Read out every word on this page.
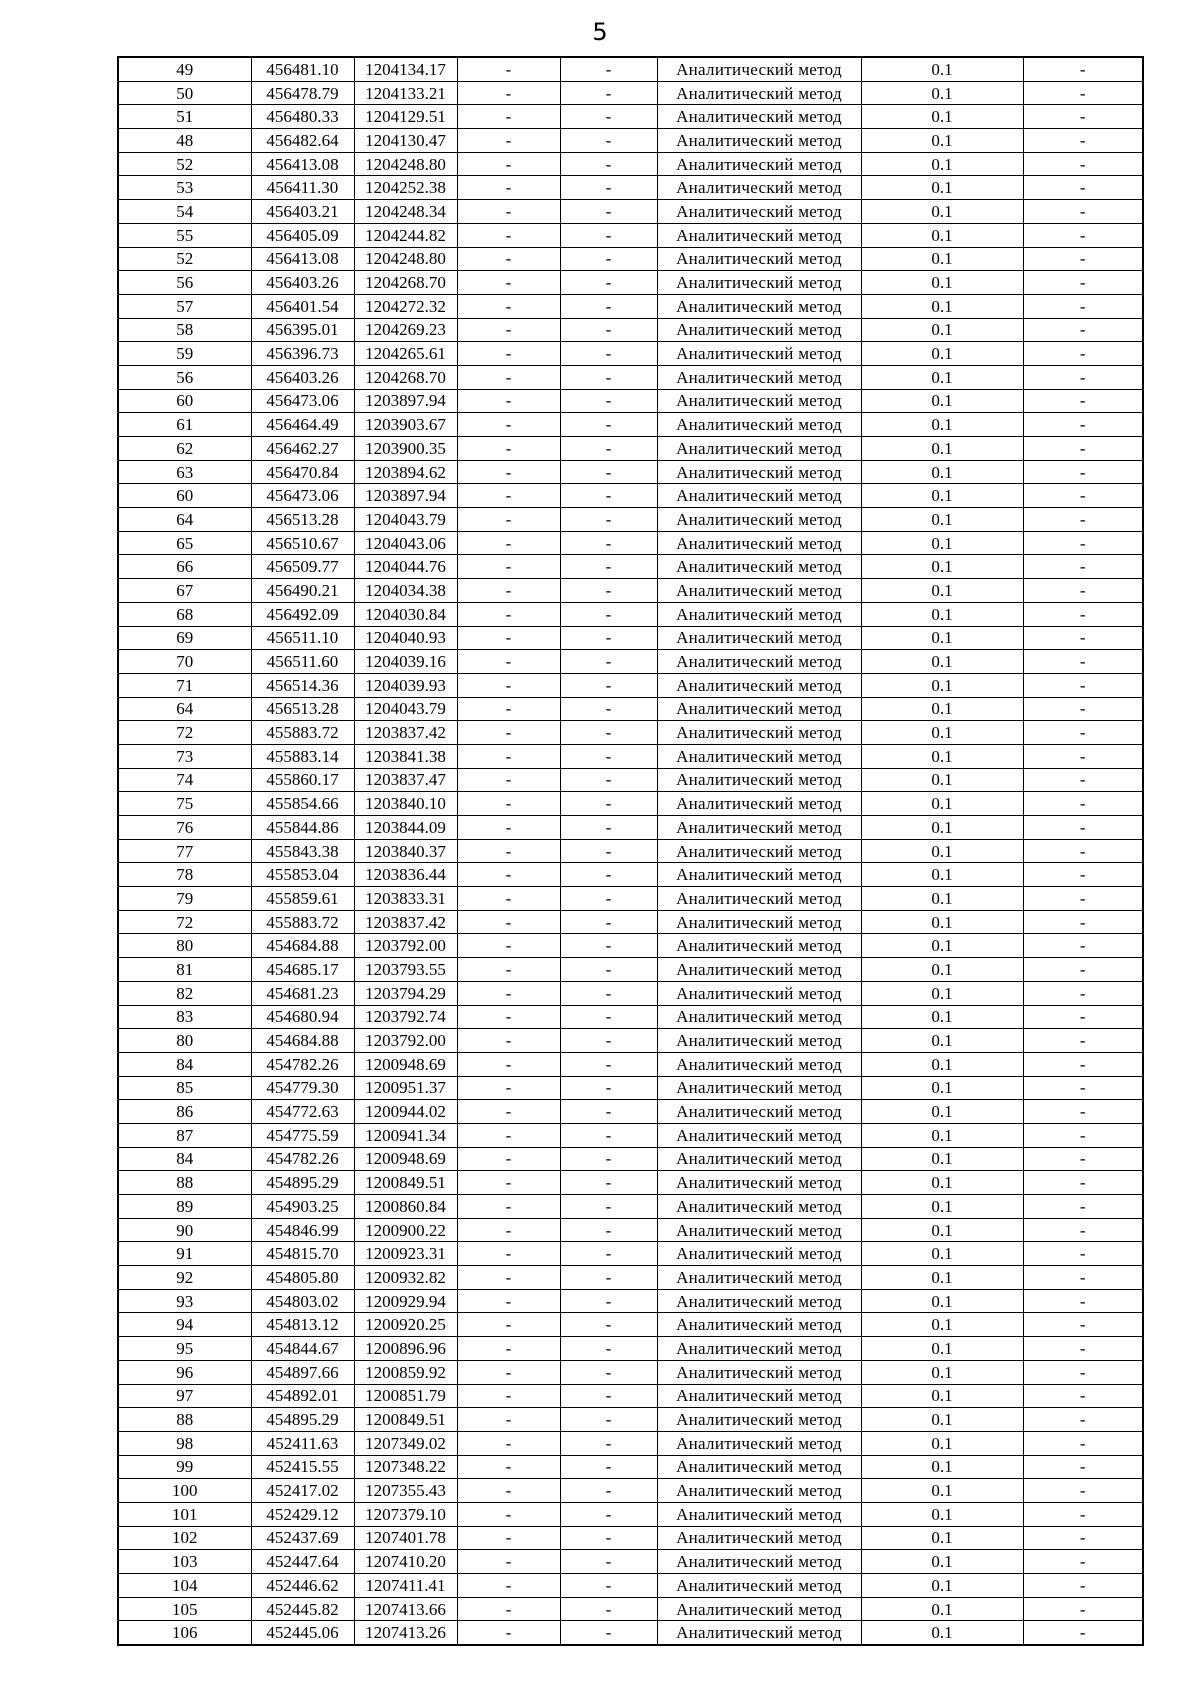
5
49	456481.10	1204134.17	-	-	Аналитический метод	0.1	-
50	456478.79	1204133.21	-	-	Аналитический метод	0.1	-
51	456480.33	1204129.51	-	-	Аналитический метод	0.1	-
48	456482.64	1204130.47	-	-	Аналитический метод	0.1	-
52	456413.08	1204248.80	-	-	Аналитический метод	0.1	-
53	456411.30	1204252.38	-	-	Аналитический метод	0.1	-
54	456403.21	1204248.34	-	-	Аналитический метод	0.1	-
55	456405.09	1204244.82	-	-	Аналитический метод	0.1	-
52	456413.08	1204248.80	-	-	Аналитический метод	0.1	-
56	456403.26	1204268.70	-	-	Аналитический метод	0.1	-
57	456401.54	1204272.32	-	-	Аналитический метод	0.1	-
58	456395.01	1204269.23	-	-	Аналитический метод	0.1	-
59	456396.73	1204265.61	-	-	Аналитический метод	0.1	-
56	456403.26	1204268.70	-	-	Аналитический метод	0.1	-
60	456473.06	1203897.94	-	-	Аналитический метод	0.1	-
61	456464.49	1203903.67	-	-	Аналитический метод	0.1	-
62	456462.27	1203900.35	-	-	Аналитический метод	0.1	-
63	456470.84	1203894.62	-	-	Аналитический метод	0.1	-
60	456473.06	1203897.94	-	-	Аналитический метод	0.1	-
64	456513.28	1204043.79	-	-	Аналитический метод	0.1	-
65	456510.67	1204043.06	-	-	Аналитический метод	0.1	-
66	456509.77	1204044.76	-	-	Аналитический метод	0.1	-
67	456490.21	1204034.38	-	-	Аналитический метод	0.1	-
68	456492.09	1204030.84	-	-	Аналитический метод	0.1	-
69	456511.10	1204040.93	-	-	Аналитический метод	0.1	-
70	456511.60	1204039.16	-	-	Аналитический метод	0.1	-
71	456514.36	1204039.93	-	-	Аналитический метод	0.1	-
64	456513.28	1204043.79	-	-	Аналитический метод	0.1	-
72	455883.72	1203837.42	-	-	Аналитический метод	0.1	-
73	455883.14	1203841.38	-	-	Аналитический метод	0.1	-
74	455860.17	1203837.47	-	-	Аналитический метод	0.1	-
75	455854.66	1203840.10	-	-	Аналитический метод	0.1	-
76	455844.86	1203844.09	-	-	Аналитический метод	0.1	-
77	455843.38	1203840.37	-	-	Аналитический метод	0.1	-
78	455853.04	1203836.44	-	-	Аналитический метод	0.1	-
79	455859.61	1203833.31	-	-	Аналитический метод	0.1	-
72	455883.72	1203837.42	-	-	Аналитический метод	0.1	-
80	454684.88	1203792.00	-	-	Аналитический метод	0.1	-
81	454685.17	1203793.55	-	-	Аналитический метод	0.1	-
82	454681.23	1203794.29	-	-	Аналитический метод	0.1	-
83	454680.94	1203792.74	-	-	Аналитический метод	0.1	-
80	454684.88	1203792.00	-	-	Аналитический метод	0.1	-
84	454782.26	1200948.69	-	-	Аналитический метод	0.1	-
85	454779.30	1200951.37	-	-	Аналитический метод	0.1	-
86	454772.63	1200944.02	-	-	Аналитический метод	0.1	-
87	454775.59	1200941.34	-	-	Аналитический метод	0.1	-
84	454782.26	1200948.69	-	-	Аналитический метод	0.1	-
88	454895.29	1200849.51	-	-	Аналитический метод	0.1	-
89	454903.25	1200860.84	-	-	Аналитический метод	0.1	-
90	454846.99	1200900.22	-	-	Аналитический метод	0.1	-
91	454815.70	1200923.31	-	-	Аналитический метод	0.1	-
92	454805.80	1200932.82	-	-	Аналитический метод	0.1	-
93	454803.02	1200929.94	-	-	Аналитический метод	0.1	-
94	454813.12	1200920.25	-	-	Аналитический метод	0.1	-
95	454844.67	1200896.96	-	-	Аналитический метод	0.1	-
96	454897.66	1200859.92	-	-	Аналитический метод	0.1	-
97	454892.01	1200851.79	-	-	Аналитический метод	0.1	-
88	454895.29	1200849.51	-	-	Аналитический метод	0.1	-
98	452411.63	1207349.02	-	-	Аналитический метод	0.1	-
99	452415.55	1207348.22	-	-	Аналитический метод	0.1	-
100	452417.02	1207355.43	-	-	Аналитический метод	0.1	-
101	452429.12	1207379.10	-	-	Аналитический метод	0.1	-
102	452437.69	1207401.78	-	-	Аналитический метод	0.1	-
103	452447.64	1207410.20	-	-	Аналитический метод	0.1	-
104	452446.62	1207411.41	-	-	Аналитический метод	0.1	-
105	452445.82	1207413.66	-	-	Аналитический метод	0.1	-
106	452445.06	1207413.26	-	-	Аналитический метод	0.1	-
